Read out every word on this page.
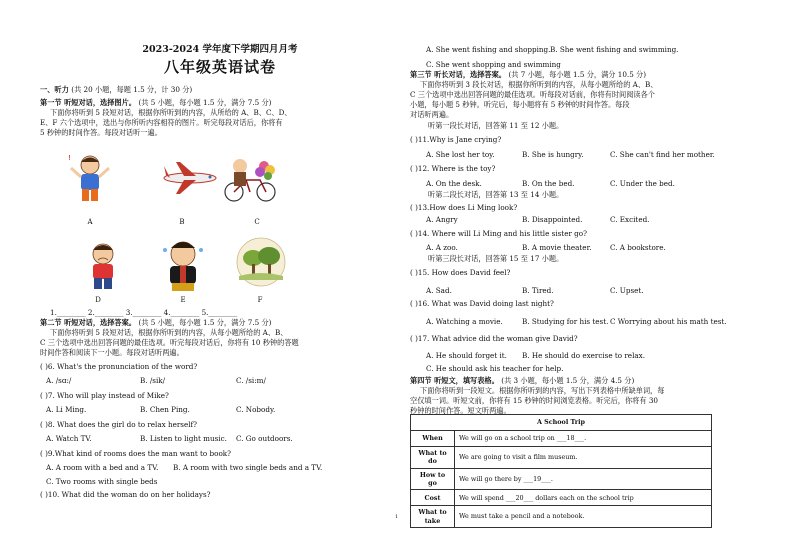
2023-2024 学年度下学期四月月考
八年级英语试卷
一、听力 (共 20 小题，每题 1.5 分，计 30 分)
第一节 听短对话，选择图片。 (共 5 小题，每小题 1.5 分，满分 7.5 分)
下面你将听到 5 段短对话，根据你所听到的内容，从所给的 A、B、C、D、
E、F 六个选项中，选出与你所听内容相符的图片。听完每段对话后，你将有
5 秒钟的时间作答。每段对话听一遍。
!
A	B	C
D	E	F
1.________ 2.________ 3.________ 4.________ 5.________
第二节 听短对话，选择答案。 (共 5 小题，每小题 1.5 分，满分 7.5 分)
下面你将听到 5 段短对话，根据你所听到的内容，从每小题所给的 A、B、
C 三个选项中选出回答问题的最佳选项。听完每段对话后，你将有 10 秒钟的答题
时间作答和阅读下一小题。每段对话听两遍。
( )6. What's the pronunciation of the word?
A. /sɑ:/	B. /sik/	C. /si:m/
( )7. Who will play instead of Mike?
A. Li Ming.	B. Chen Ping.	C. Nobody.
( )8. What does the girl do to relax herself?
A. Watch TV.	B. Listen to light music. C. Go outdoors.
( )9.What kind of rooms does the man want to book?
A. A room with a bed and a TV. B. A room with two single beds and a TV.
C. Two rooms with single beds
( )10. What did the woman do on her holidays?
A. She went fishing and shopping. B. She went fishing and swimming.
C. She went shopping and swimming
第三节 听长对话，选择答案。 (共 7 小题，每小题 1.5 分，满分 10.5 分)
下面你将听到 3 段长对话，根据你所听到的内容，从每小题所给的 A、B、
C 三个选项中选出回答问题的最佳选项。听每段对话前，你将有时间阅读各个
小题，每小题 5 秒钟。听完后，每小题将有 5 秒钟的时间作答。每段
对话听两遍。
听第一段长对话，回答第 11 至 12 小题。
( )11.Why is Jane crying?
A. She lost her toy.	B. She is hungry.	C. She can't find her mother.
( )12. Where is the toy?
A. On the desk.	B. On the bed.	C. Under the bed.
听第二段长对话，回答第 13 至 14 小题。
( )13.How does Li Ming look?
A. Angry	B. Disappointed.	C. Excited.
( )14. Where will Li Ming and his little sister go?
A. A zoo.	B. A movie theater.	C. A bookstore.
听第三段长对话，回答第 15 至 17 小题。
( )15. How does David feel?
A. Sad.	B. Tired.	C. Upset.
( )16. What was David doing last night?
A. Watching a movie.	B. Studying for his test. C Worrying about his math test.
( )17. What advice did the woman give David?
A. He should forget it. B. He should do exercise to relax.
C. He should ask his teacher for help.
第四节 听短文，填写表格。 (共 3 小题，每小题 1.5 分，满分 4.5 分)
下面你将听到一段短文。根据你所听到的内容，写出下列表格中所缺单词，每
空仅填一词。听短文前，你将有 15 秒钟的时间浏览表格。听完后，你将有 30
秒钟的时间作答。短文听两遍。
A School Trip	
When	We will go on a school trip on ___18___.
What to do	We are going to visit a film museum.
How to go	We will go there by ___19___.
Cost	We will spend ___20___ dollars each on the school trip
What to take	We must take a pencil and a notebook.
1
